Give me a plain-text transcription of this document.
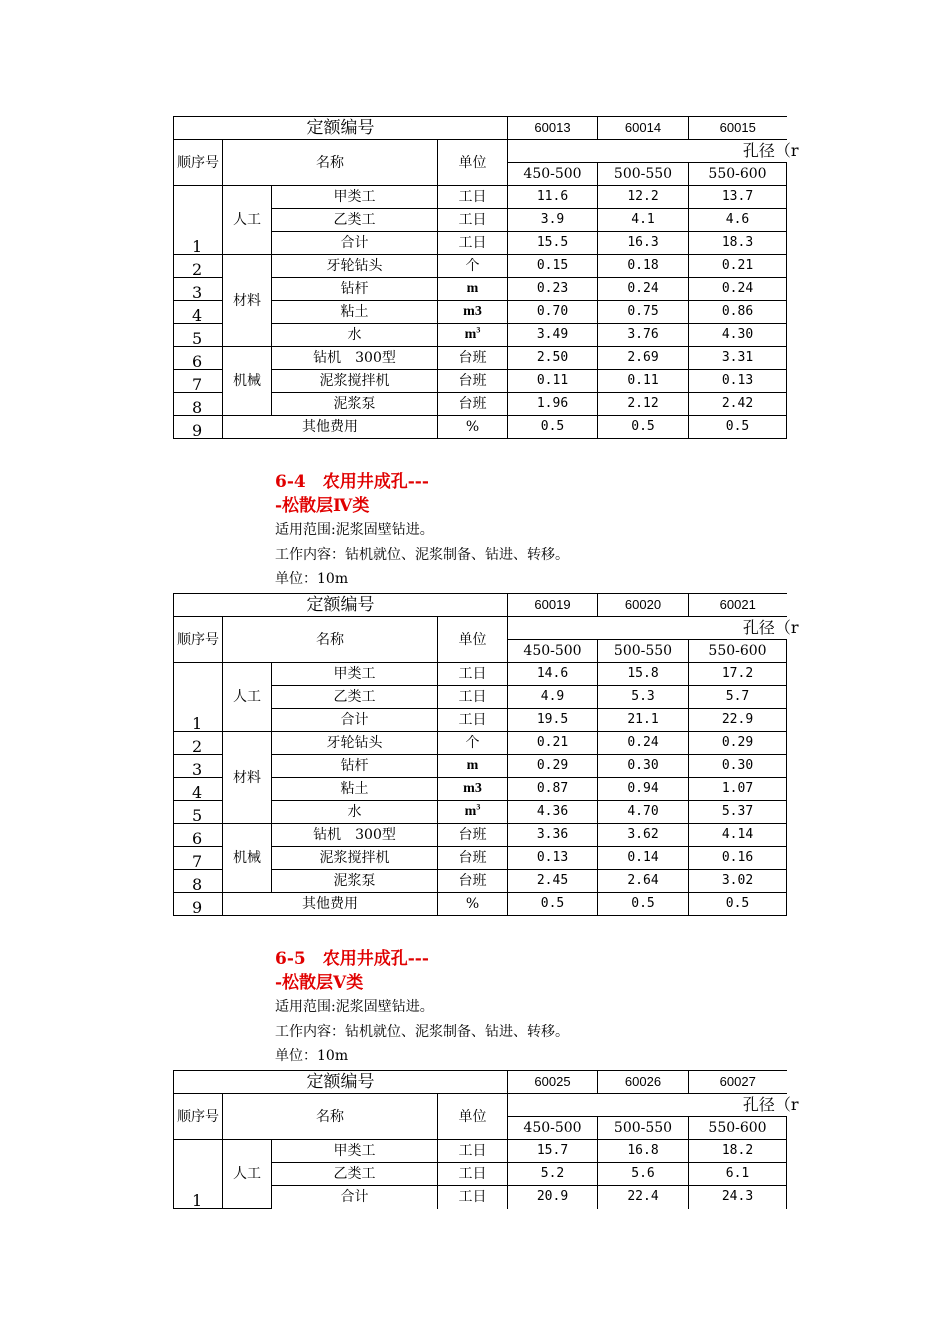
定额编号				60013	60014	60015
顺序号	名称		单位	孔径（r		
				450-500	500-550	550-600
1	人工	甲类工	工日	11.6	12.2	13.7
		乙类工	工日	3.9	4.1	4.6
		合计	工日	15.5	16.3	18.3
2	材料	牙轮钻头	个	0.15	0.18	0.21
3		钻杆	m	0.23	0.24	0.24
4		粘土	m3	0.70	0.75	0.86
5		水	$m^3$	3.49	3.76	4.30
6	机械	钻机　300型	台班	2.50	2.69	3.31
7		泥浆搅拌机	台班	0.11	0.11	0.13
8		泥浆泵	台班	1.96	2.12	2.42
9	其他费用		%	0.5	0.5	0.5
6-4　农用井成孔---
-松散层Ⅳ类
适用范围:泥浆固壁钻进。
工作内容：钻机就位、泥浆制备、钻进、转移。
单位：10m
定额编号				60019	60020	60021
顺序号	名称		单位	孔径（r		
				450-500	500-550	550-600
1	人工	甲类工	工日	14.6	15.8	17.2
		乙类工	工日	4.9	5.3	5.7
		合计	工日	19.5	21.1	22.9
2	材料	牙轮钻头	个	0.21	0.24	0.29
3		钻杆	m	0.29	0.30	0.30
4		粘土	m3	0.87	0.94	1.07
5		水	$m^3$	4.36	4.70	5.37
6	机械	钻机　300型	台班	3.36	3.62	4.14
7		泥浆搅拌机	台班	0.13	0.14	0.16
8		泥浆泵	台班	2.45	2.64	3.02
9	其他费用		%	0.5	0.5	0.5
6-5　农用井成孔---
-松散层Ⅴ类
适用范围:泥浆固壁钻进。
工作内容：钻机就位、泥浆制备、钻进、转移。
单位：10m
定额编号				60025	60026	60027
顺序号	名称		单位	孔径（r		
				450-500	500-550	550-600
1	人工	甲类工	工日	15.7	16.8	18.2
		乙类工	工日	5.2	5.6	6.1
		合计	工日	20.9	22.4	24.3
